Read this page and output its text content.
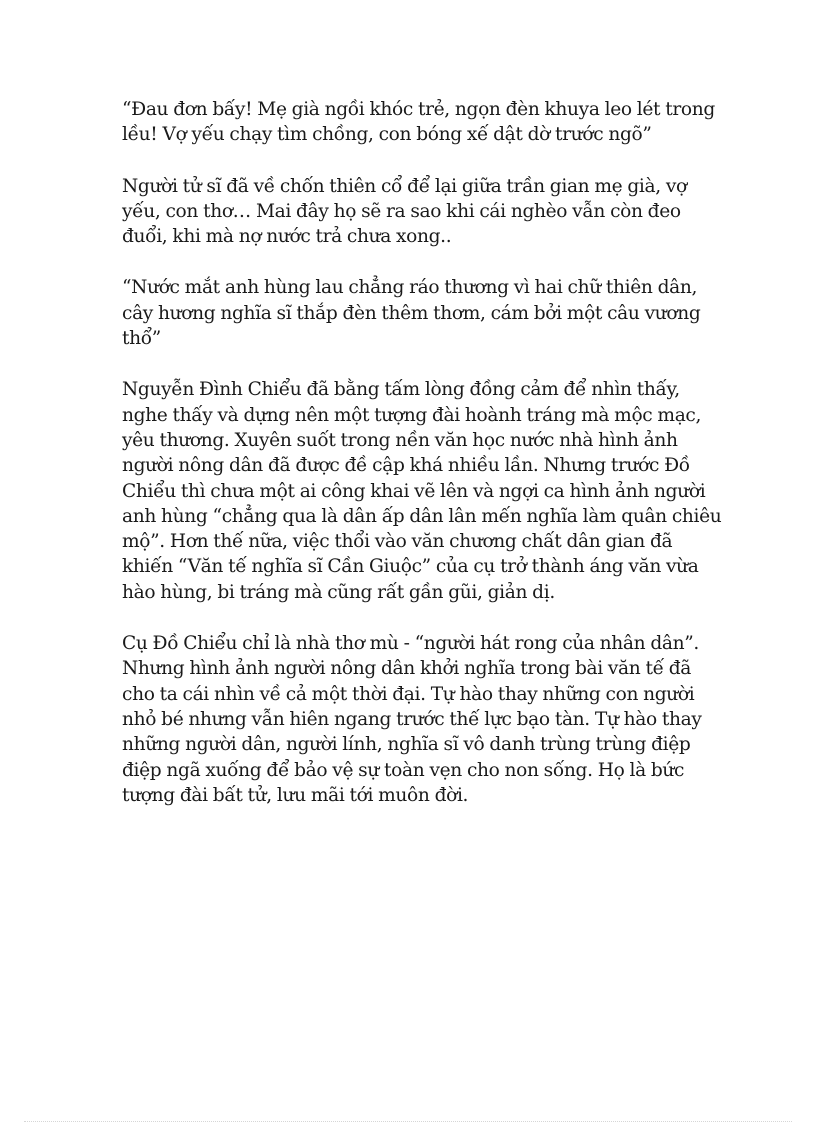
“Đau đơn bấy! Mẹ già ngồi khóc trẻ, ngọn đèn khuya leo lét trong
lều! Vợ yếu chạy tìm chồng, con bóng xế dật dờ trước ngõ”

Người tử sĩ đã về chốn thiên cổ để lại giữa trần gian mẹ già, vợ
yếu, con thơ… Mai đây họ sẽ ra sao khi cái nghèo vẫn còn đeo
đuổi, khi mà nợ nước trả chưa xong..

“Nước mắt anh hùng lau chẳng ráo thương vì hai chữ thiên dân,
cây hương nghĩa sĩ thắp đèn thêm thơm, cám bởi một câu vương
thổ”

Nguyễn Đình Chiểu đã bằng tấm lòng đồng cảm để nhìn thấy,
nghe thấy và dựng nên một tượng đài hoành tráng mà mộc mạc,
yêu thương. Xuyên suốt trong nền văn học nước nhà hình ảnh
người nông dân đã được đề cập khá nhiều lần. Nhưng trước Đồ
Chiểu thì chưa một ai công khai vẽ lên và ngợi ca hình ảnh người
anh hùng “chẳng qua là dân ấp dân lân mến nghĩa làm quân chiêu
mộ”. Hơn thế nữa, việc thổi vào văn chương chất dân gian đã
khiến “Văn tế nghĩa sĩ Cần Giuộc” của cụ trở thành áng văn vừa
hào hùng, bi tráng mà cũng rất gần gũi, giản dị.

Cụ Đồ Chiểu chỉ là nhà thơ mù - “người hát rong của nhân dân”.
Nhưng hình ảnh người nông dân khởi nghĩa trong bài văn tế đã
cho ta cái nhìn về cả một thời đại. Tự hào thay những con người
nhỏ bé nhưng vẫn hiên ngang trước thế lực bạo tàn. Tự hào thay
những người dân, người lính, nghĩa sĩ vô danh trùng trùng điệp
điệp ngã xuống để bảo vệ sự toàn vẹn cho non sống. Họ là bức
tượng đài bất tử, lưu mãi tới muôn đời.
